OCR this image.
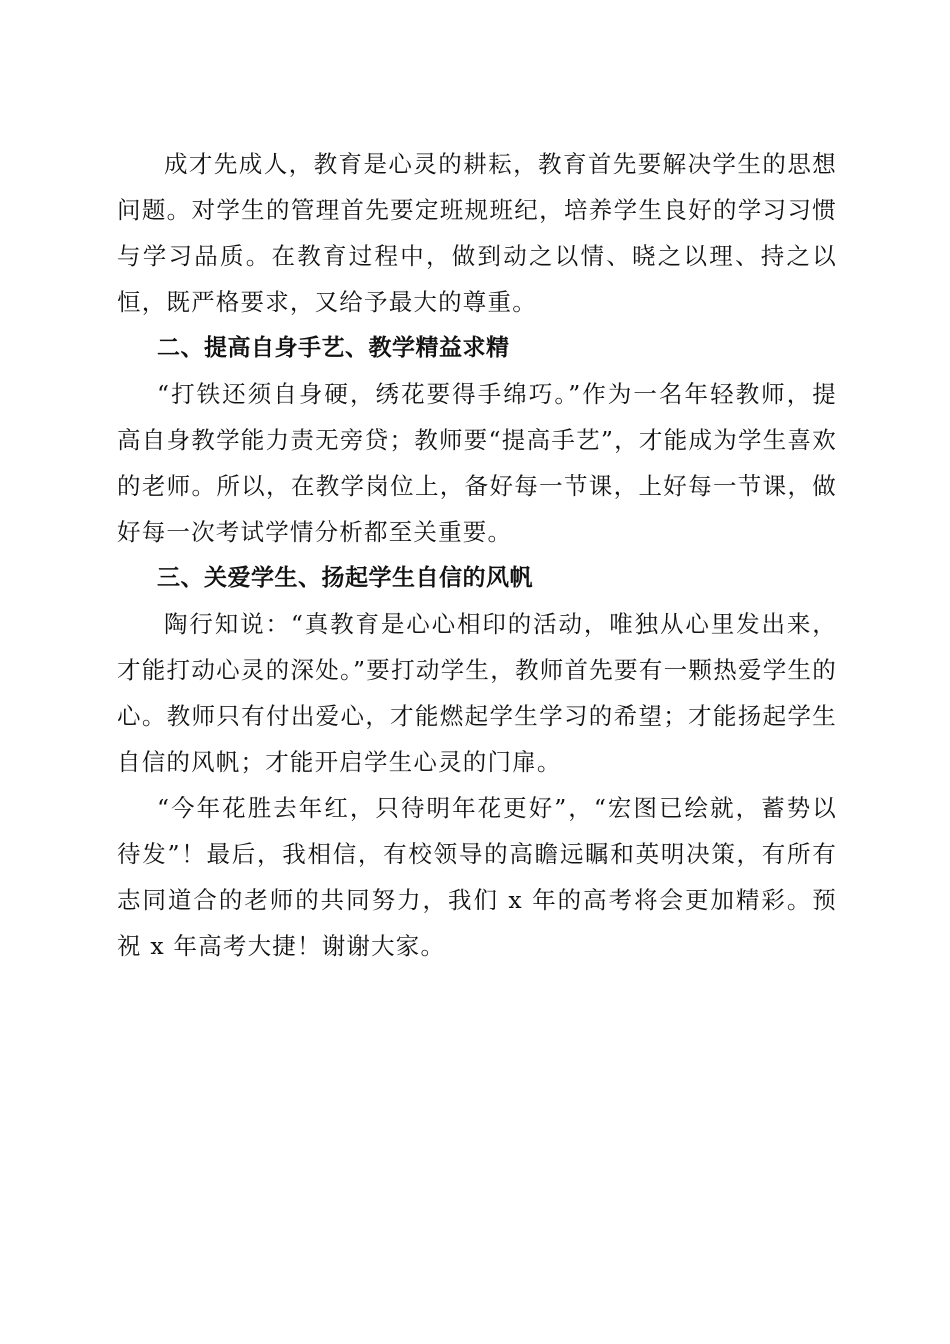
成才先成人，教育是心灵的耕耘，教育首先要解决学生的思想问题。对学生的管理首先要定班规班纪，培养学生良好的学习习惯与学习品质。在教育过程中，做到动之以情、晓之以理、持之以恒，既严格要求，又给予最大的尊重。

二、提高自身手艺、教学精益求精

“打铁还须自身硬，绣花要得手绵巧。”作为一名年轻教师，提高自身教学能力责无旁贷；教师要“提高手艺”，才能成为学生喜欢的老师。所以，在教学岗位上，备好每一节课，上好每一节课，做好每一次考试学情分析都至关重要。

三、关爱学生、扬起学生自信的风帆

陶行知说：“真教育是心心相印的活动，唯独从心里发出来，才能打动心灵的深处。”要打动学生，教师首先要有一颗热爱学生的心。教师只有付出爱心，才能燃起学生学习的希望；才能扬起学生自信的风帆；才能开启学生心灵的门扉。

“今年花胜去年红，只待明年花更好”，“宏图已绘就，蓄势以待发”！最后，我相信，有校领导的高瞻远瞩和英明决策，有所有志同道合的老师的共同努力，我们 x 年的高考将会更加精彩。预祝 x 年高考大捷！谢谢大家。
